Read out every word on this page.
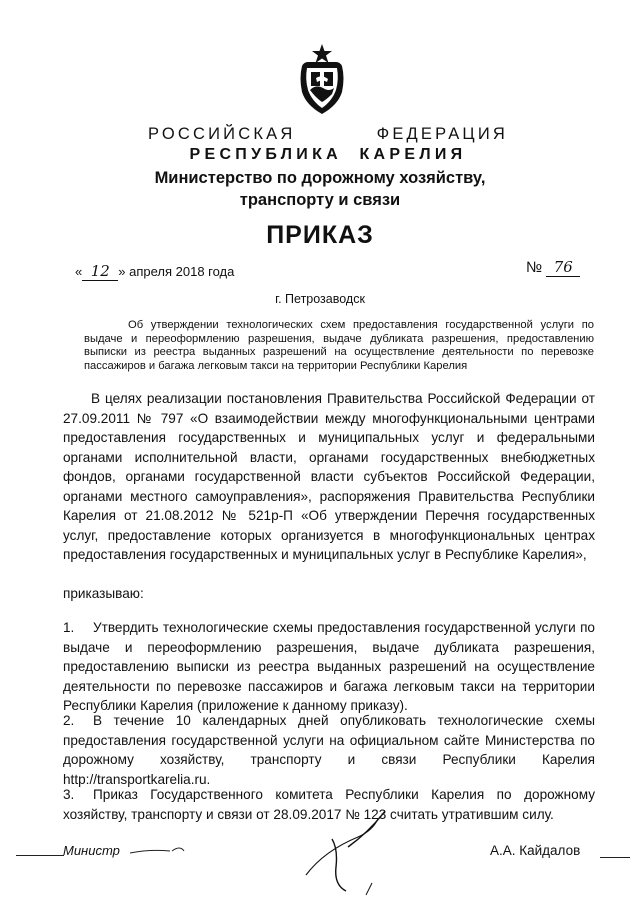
РОССИЙСКАЯ	ФЕДЕРАЦИЯ
РЕСПУБЛИКА  КАРЕЛИЯ
Министерство по дорожному хозяйству,
транспорту и связи
ПРИКАЗ
« 12 » апреля 2018 года	№ 76
г. Петрозаводск
Об утверждении технологических схем предоставления государственной услуги по выдаче и переоформлению разрешения, выдаче дубликата разрешения, предоставлению выписки из реестра выданных разрешений на осуществление деятельности по перевозке пассажиров и багажа легковым такси на территории Республики Карелия
В целях реализации постановления Правительства Российской Федерации от 27.09.2011 № 797 «О взаимодействии между многофункциональными центрами предоставления государственных и муниципальных услуг и федеральными органами исполнительной власти, органами государственных внебюджетных фондов, органами государственной власти субъектов Российской Федерации, органами местного самоуправления», распоряжения Правительства Республики Карелия от 21.08.2012 № 521р-П «Об утверждении Перечня государственных услуг, предоставление которых организуется в многофункциональных центрах предоставления государственных и муниципальных услуг в Республике Карелия»,
приказываю:
1. Утвердить технологические схемы предоставления государственной услуги по выдаче и переоформлению разрешения, выдаче дубликата разрешения, предоставлению выписки из реестра выданных разрешений на осуществление деятельности по перевозке пассажиров и багажа легковым такси на территории Республики Карелия (приложение к данному приказу).
2. В течение 10 календарных дней опубликовать технологические схемы предоставления государственной услуги на официальном сайте Министерства по дорожному хозяйству, транспорту и связи Республики Карелия http://transportkarelia.ru.
3. Приказ Государственного комитета Республики Карелия по дорожному хозяйству, транспорту и связи от 28.09.2017 № 123 считать утратившим силу.
Министр	А.А. Кайдалов
